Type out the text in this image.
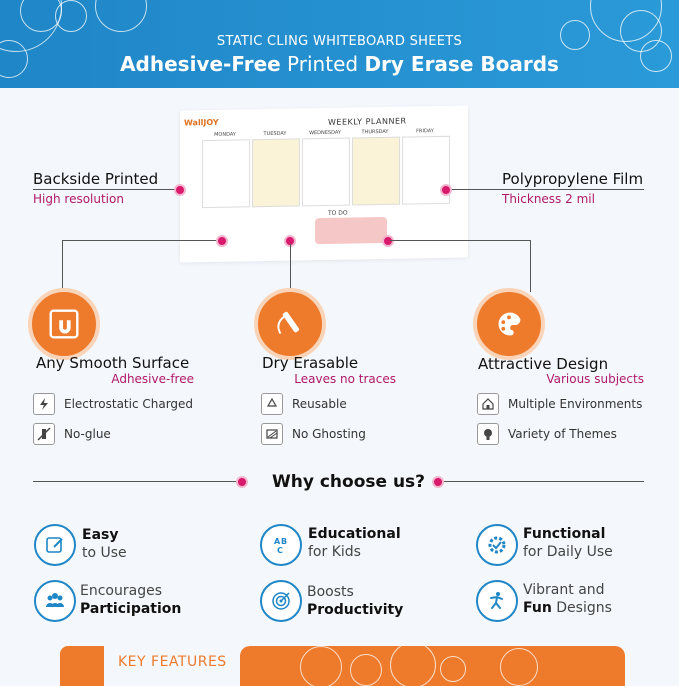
STATIC CLING WHITEBOARD SHEETS
Adhesive-Free Printed Dry Erase Boards
WallJOY	WEEKLY PLANNER
MONDAY	TUESDAY	WEDNESDAY	THURSDAY	FRIDAY
TO DO
Backside Printed
High resolution
Polypropylene Film
Thickness 2 mil
Any Smooth Surface
Adhesive-free
Electrostatic Charged
No-glue
Dry Erasable
Leaves no traces
Reusable
No Ghosting
Attractive Design
Various subjects
Multiple Environments
Variety of Themes
Why choose us?
Easy
to Use
A B
C
Educational
for Kids
Functional
for Daily Use
Encourages
Participation
Boosts
Productivity
Vibrant and
Fun Designs
KEY FEATURES
